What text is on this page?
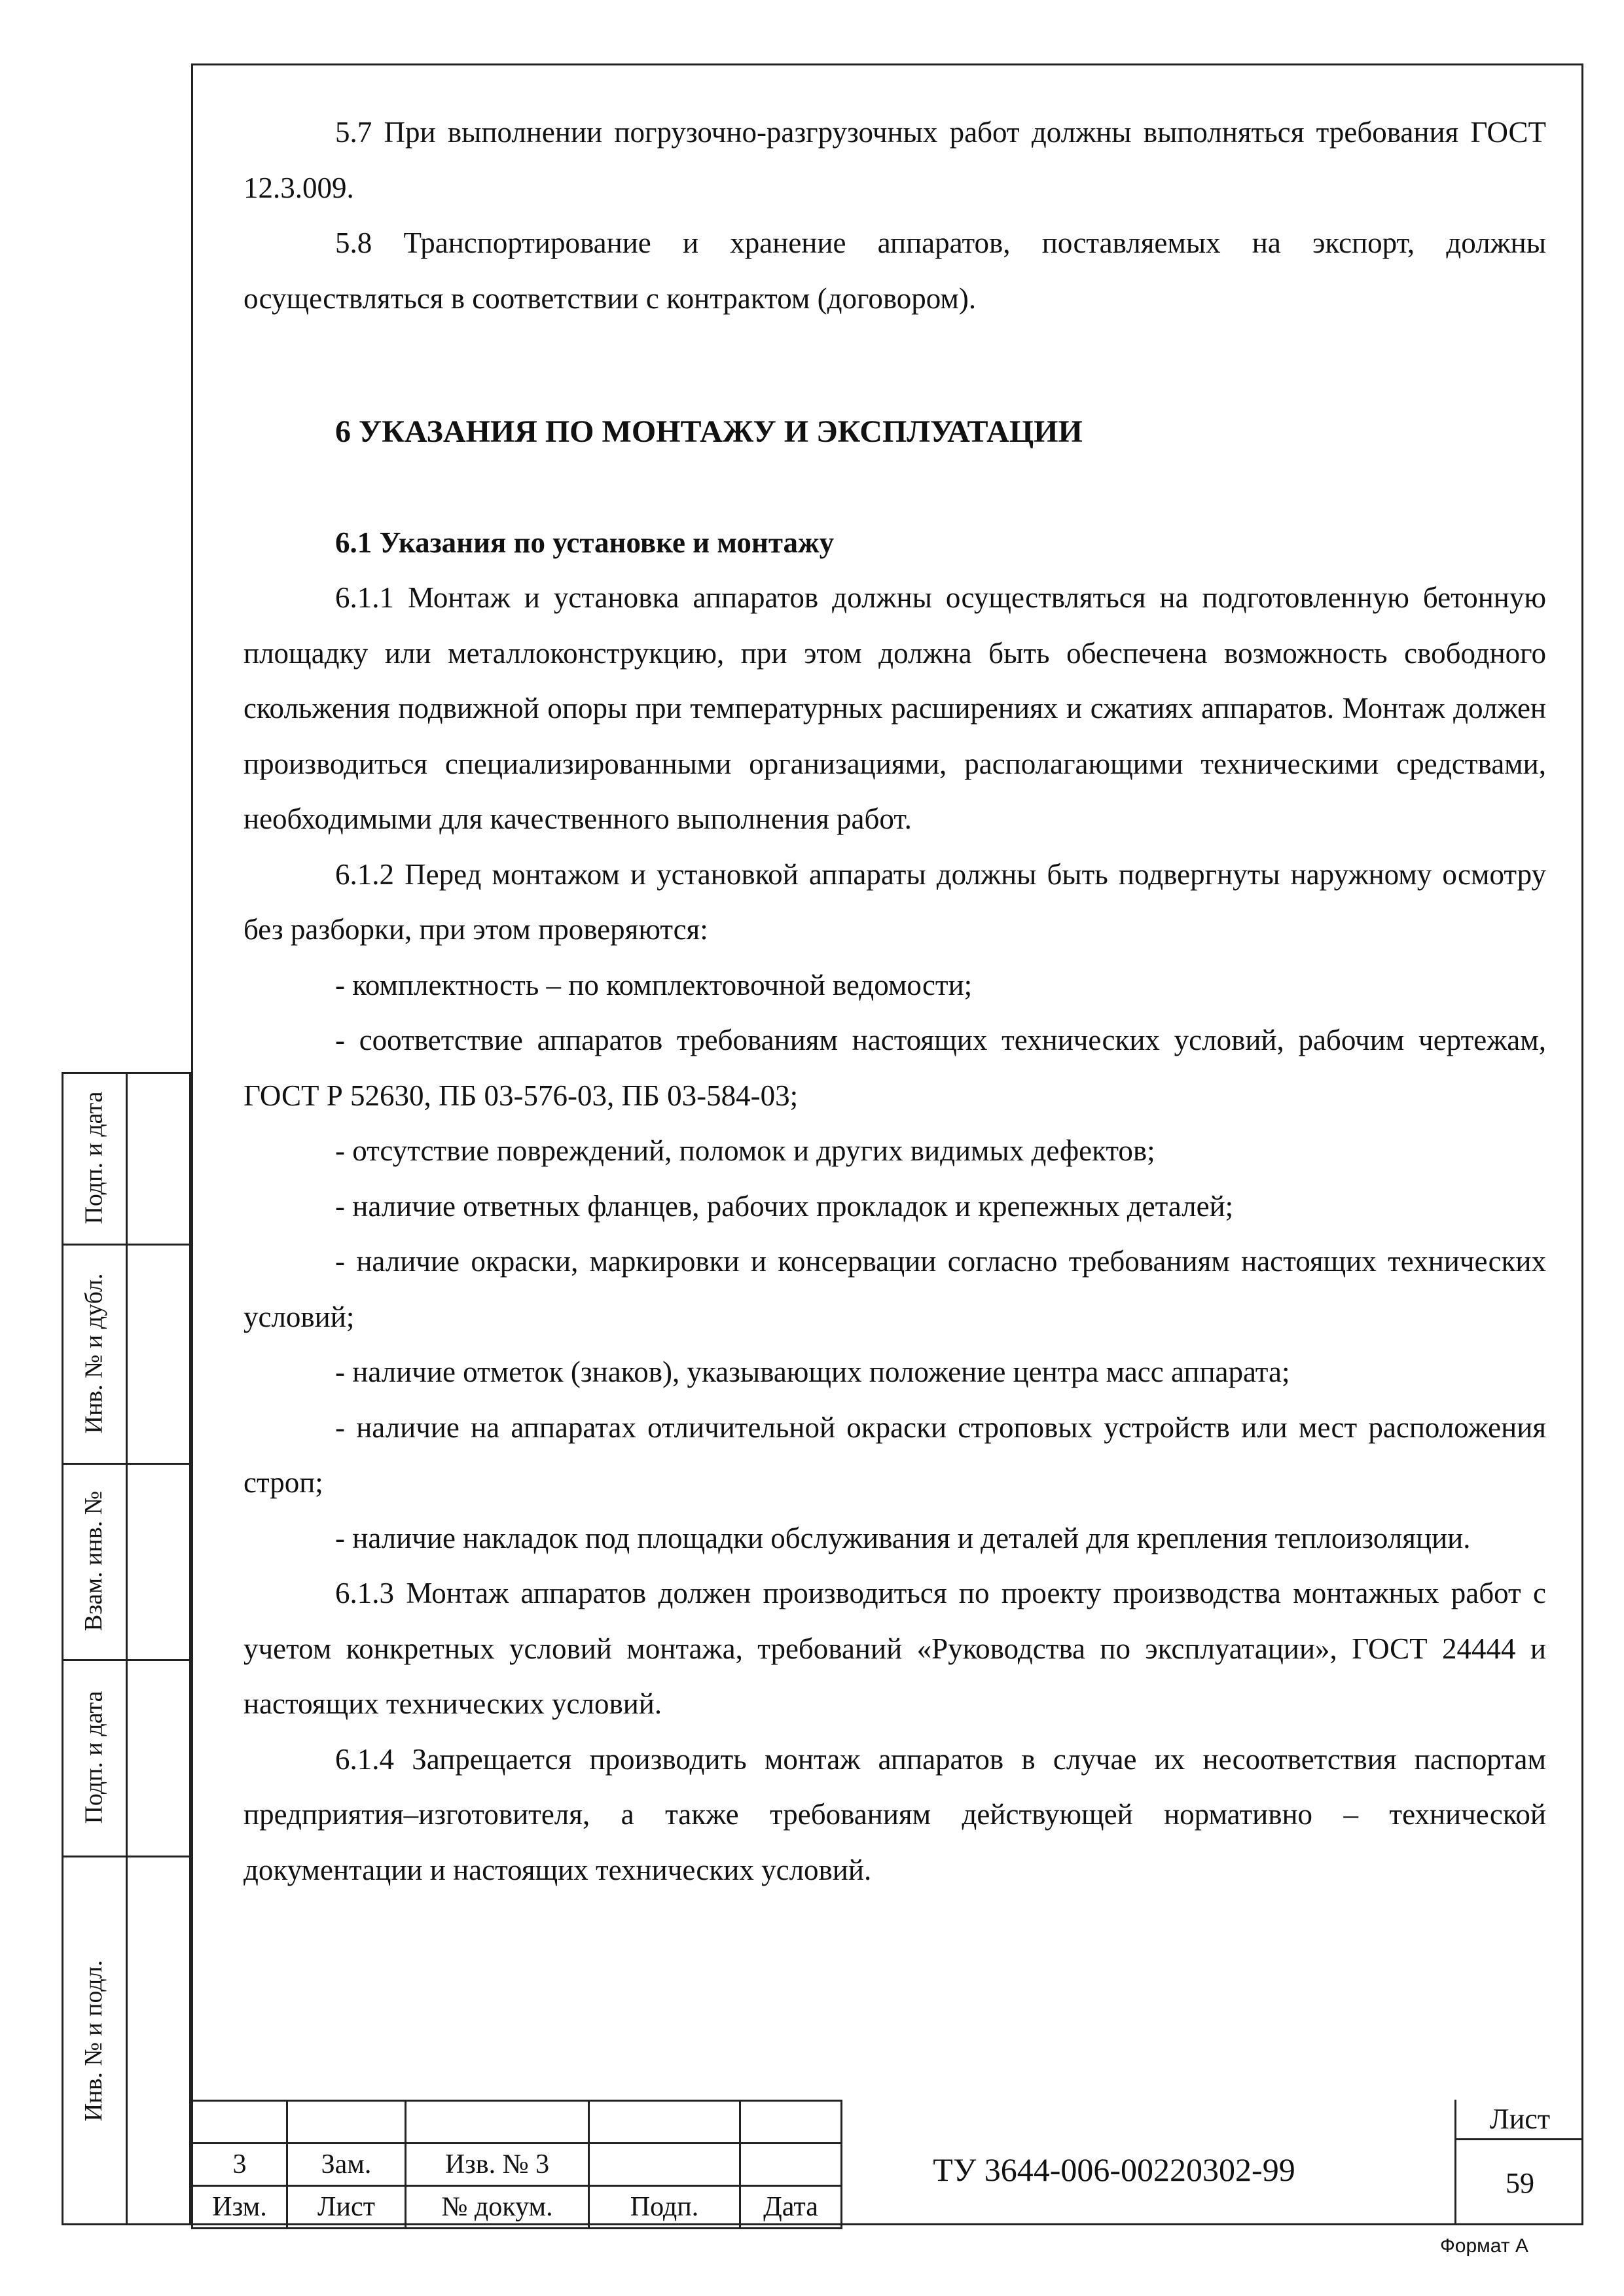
5.7 При выполнении погрузочно-разгрузочных работ должны выполняться требования ГОСТ 12.3.009.

5.8 Транспортирование и хранение аппаратов, поставляемых на экспорт, должны осуществляться в соответствии с контрактом (договором).

6 УКАЗАНИЯ ПО МОНТАЖУ И ЭКСПЛУАТАЦИИ

6.1 Указания по установке и монтажу

6.1.1 Монтаж и установка аппаратов должны осуществляться на подготовленную бетонную площадку или металлоконструкцию, при этом должна быть обеспечена возможность свободного скольжения подвижной опоры при температурных расширениях и сжатиях аппаратов. Монтаж должен производиться специализированными организациями, располагающими техническими средствами, необходимыми для качественного выполнения работ.

6.1.2 Перед монтажом и установкой аппараты должны быть подвергнуты наружному осмотру без разборки, при этом проверяются:

- комплектность – по комплектовочной ведомости;

- соответствие аппаратов требованиям настоящих технических условий, рабочим чертежам, ГОСТ Р 52630, ПБ 03-576-03, ПБ 03-584-03;

- отсутствие повреждений, поломок и других видимых дефектов;

- наличие ответных фланцев, рабочих прокладок и крепежных деталей;

- наличие окраски, маркировки и консервации согласно требованиям настоящих технических условий;

- наличие отметок (знаков), указывающих положение центра масс аппарата;

- наличие на аппаратах отличительной окраски строповых устройств или мест расположения строп;

- наличие накладок под площадки обслуживания и деталей для крепления теплоизоляции.

6.1.3 Монтаж аппаратов должен производиться по проекту производства монтажных работ с учетом конкретных условий монтажа, требований «Руководства по эксплуатации», ГОСТ 24444 и настоящих технических условий.

6.1.4 Запрещается производить монтаж аппаратов в случае их несоответствия паспортам предприятия–изготовителя, а также требованиям действующей нормативно – технической документации и настоящих технических условий.

Подп. и дата
Инв. № и дубл.
Взам. инв. №
Подп. и дата
Инв. № и подл.

3	Зам.	Изв. № 3		
Изм.	Лист	№ докум.	Подп.	Дата
ТУ 3644-006-00220302-99
Лист
59
Формат А
